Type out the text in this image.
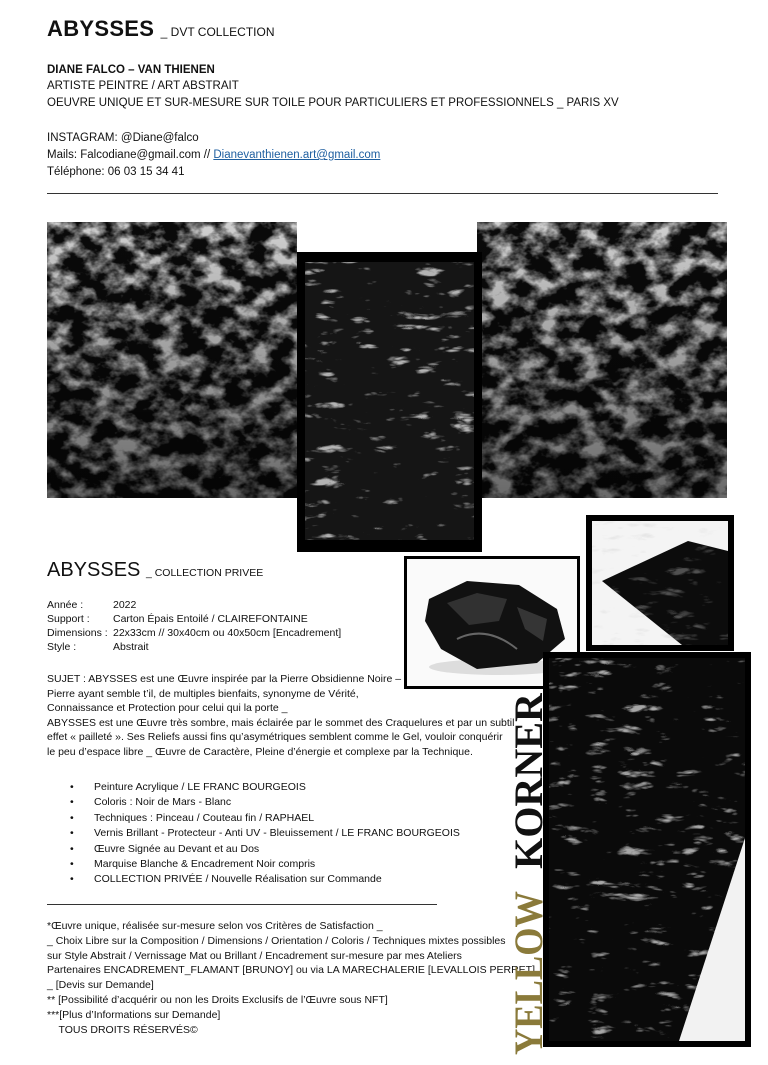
ABYSSES _ DVT COLLECTION
DIANE FALCO – VAN THIENEN
ARTISTE PEINTRE / ART ABSTRAIT
OEUVRE UNIQUE ET SUR-MESURE SUR TOILE POUR PARTICULIERS ET PROFESSIONNELS _ PARIS XV
INSTAGRAM: @Diane@falco
Mails: Falcodiane@gmail.com // Dianevanthienen.art@gmail.com
Téléphone: 06 03 15 34 41
ABYSSES _ COLLECTION PRIVEE
Année :	2022
Support :	Carton Épais Entoilé / CLAIREFONTAINE
Dimensions :	22x33cm // 30x40cm ou 40x50cm [Encadrement]
Style :	Abstrait

SUJET : ABYSSES est une Œuvre inspirée par la Pierre Obsidienne Noire –

Pierre ayant semble t’il, de multiples bienfaits, synonyme de Vérité,

Connaissance et Protection pour celui qui la porte _

ABYSSES est une Œuvre très sombre, mais éclairée par le sommet des Craquelures et par un subtil

effet « pailleté ». Ses Reliefs aussi fins qu’asymétriques semblent comme le Gel, vouloir conquérir

le peu d’espace libre _ Œuvre de Caractère, Pleine d’énergie et complexe par la Technique.

• Peinture Acrylique / LE FRANC BOURGEOIS
• Coloris : Noir de Mars - Blanc
• Techniques : Pinceau / Couteau fin / RAPHAEL
• Vernis Brillant - Protecteur - Anti UV - Bleuissement / LE FRANC BOURGEOIS
• Œuvre Signée au Devant et au Dos
• Marquise Blanche & Encadrement Noir compris
• COLLECTION PRIVÉE / Nouvelle Réalisation sur Commande

*Œuvre unique, réalisée sur-mesure selon vos Critères de Satisfaction _

_ Choix Libre sur la Composition / Dimensions / Orientation / Coloris / Techniques mixtes possibles

sur Style Abstrait / Vernissage Mat ou Brillant / Encadrement sur-mesure par mes Ateliers

Partenaires ENCADREMENT_FLAMANT [BRUNOY] ou via LA MARECHALERIE [LEVALLOIS PERRET]

_ [Devis sur Demande]

** [Possibilité d’acquérir ou non les Droits Exclusifs de l’Œuvre sous NFT]

***[Plus d’Informations sur Demande]

TOUS DROITS RÉSERVÉS©	YELLOW
KORNER
